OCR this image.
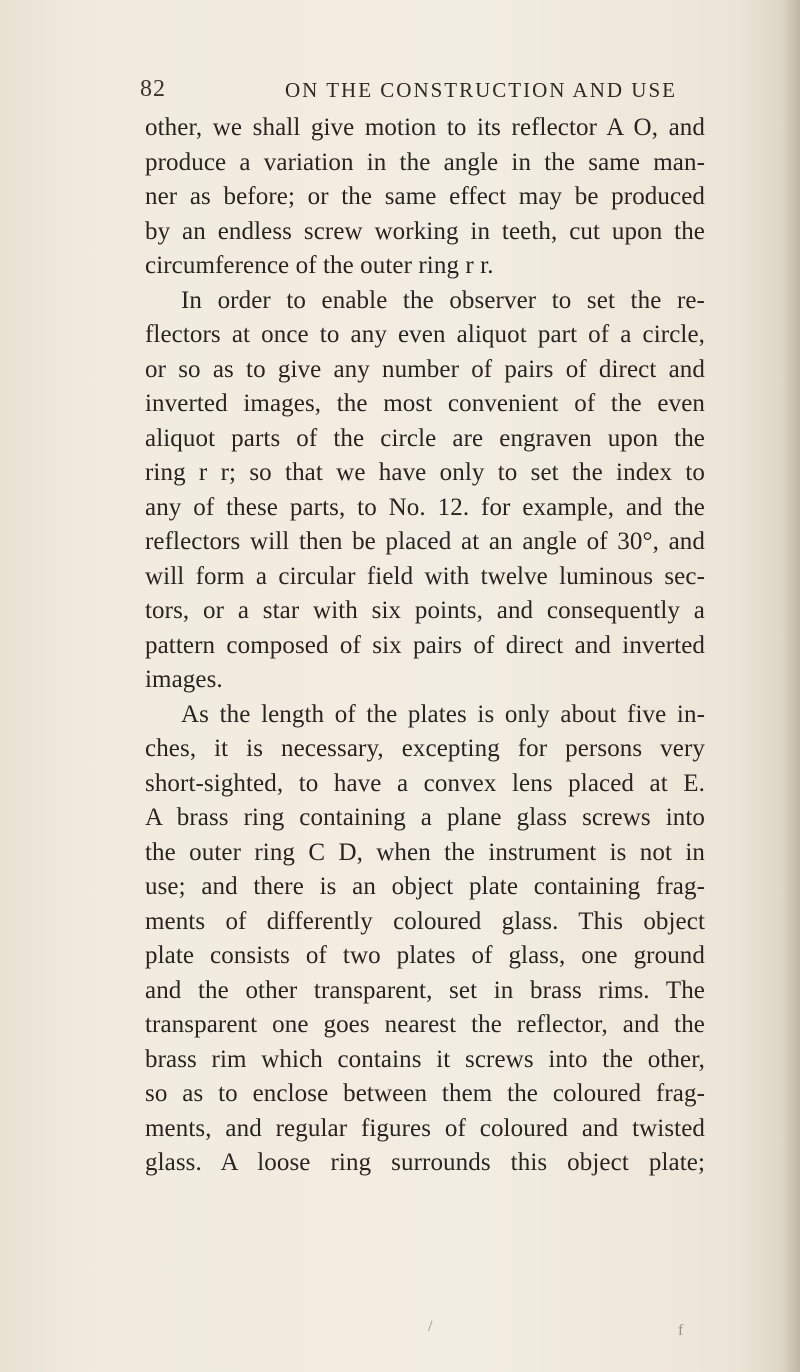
82	ON THE CONSTRUCTION AND USE
other, we shall give motion to its reflector A O, and
produce a variation in the angle in the same man-
ner as before; or the same effect may be produced
by an endless screw working in teeth, cut upon the
circumference of the outer ring r r.
In order to enable the observer to set the re-
flectors at once to any even aliquot part of a circle,
or so as to give any number of pairs of direct and
inverted images, the most convenient of the even
aliquot parts of the circle are engraven upon the
ring r r; so that we have only to set the index to
any of these parts, to No. 12. for example, and the
reflectors will then be placed at an angle of 30°, and
will form a circular field with twelve luminous sec-
tors, or a star with six points, and consequently a
pattern composed of six pairs of direct and inverted
images.
As the length of the plates is only about five in-
ches, it is necessary, excepting for persons very
short-sighted, to have a convex lens placed at E.
A brass ring containing a plane glass screws into
the outer ring C D, when the instrument is not in
use; and there is an object plate containing frag-
ments of differently coloured glass. This object
plate consists of two plates of glass, one ground
and the other transparent, set in brass rims. The
transparent one goes nearest the reflector, and the
brass rim which contains it screws into the other,
so as to enclose between them the coloured frag-
ments, and regular figures of coloured and twisted
glass. A loose ring surrounds this object plate;
/	f
